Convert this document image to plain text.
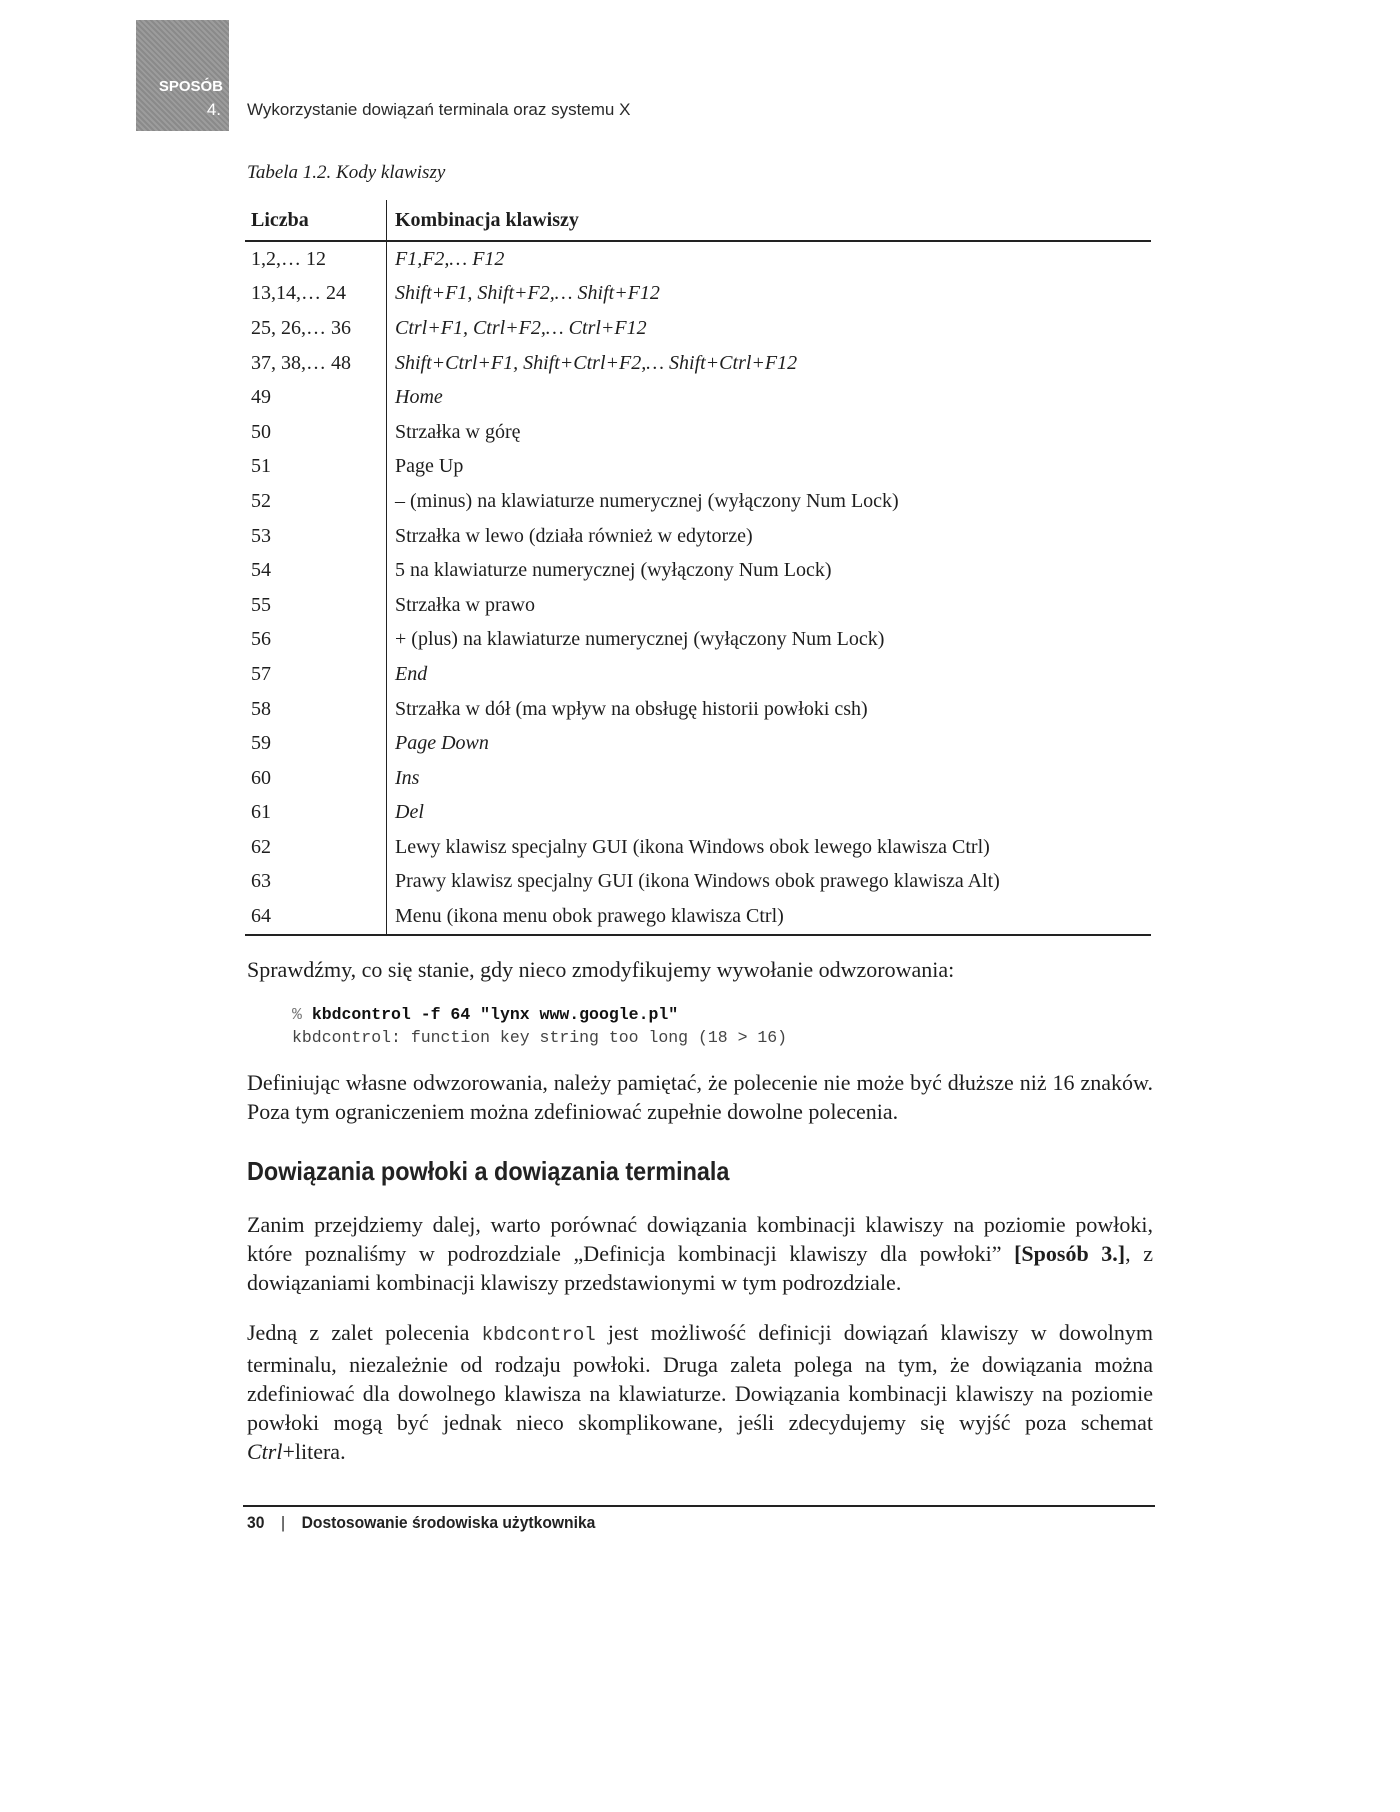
SPOSÓB
4. Wykorzystanie dowiązań terminala oraz systemu X
Tabela 1.2. Kody klawiszy
Liczba	Kombinacja klawiszy
1,2,… 12	F1,F2,… F12
13,14,… 24	Shift+F1, Shift+F2,… Shift+F12
25, 26,… 36	Ctrl+F1, Ctrl+F2,… Ctrl+F12
37, 38,… 48	Shift+Ctrl+F1, Shift+Ctrl+F2,… Shift+Ctrl+F12
49	Home
50	Strzałka w górę
51	Page Up
52	– (minus) na klawiaturze numerycznej (wyłączony Num Lock)
53	Strzałka w lewo (działa również w edytorze)
54	5 na klawiaturze numerycznej (wyłączony Num Lock)
55	Strzałka w prawo
56	+ (plus) na klawiaturze numerycznej (wyłączony Num Lock)
57	End
58	Strzałka w dół (ma wpływ na obsługę historii powłoki csh)
59	Page Down
60	Ins
61	Del
62	Lewy klawisz specjalny GUI (ikona Windows obok lewego klawisza Ctrl)
63	Prawy klawisz specjalny GUI (ikona Windows obok prawego klawisza Alt)
64	Menu (ikona menu obok prawego klawisza Ctrl)

Sprawdźmy, co się stanie, gdy nieco zmodyfikujemy wywołanie odwzorowania:

% kbdcontrol -f 64 "lynx www.google.pl"
kbdcontrol: function key string too long (18 > 16)

Definiując własne odwzorowania, należy pamiętać, że polecenie nie może być dłuższe niż 16 znaków. Poza tym ograniczeniem można zdefiniować zupełnie dowolne polecenia.

Dowiązania powłoki a dowiązania terminala

Zanim przejdziemy dalej, warto porównać dowiązania kombinacji klawiszy na poziomie powłoki, które poznaliśmy w podrozdziale „Definicja kombinacji klawiszy dla powłoki” [Sposób 3.], z dowiązaniami kombinacji klawiszy przedstawionymi w tym podrozdziale.

Jedną z zalet polecenia kbdcontrol jest możliwość definicji dowiązań klawiszy w dowolnym terminalu, niezależnie od rodzaju powłoki. Druga zaleta polega na tym, że dowiązania można zdefiniować dla dowolnego klawisza na klawiaturze. Dowiązania kombinacji klawiszy na poziomie powłoki mogą być jednak nieco skomplikowane, jeśli zdecydujemy się wyjść poza schemat Ctrl+litera.

30 | Dostosowanie środowiska użytkownika
